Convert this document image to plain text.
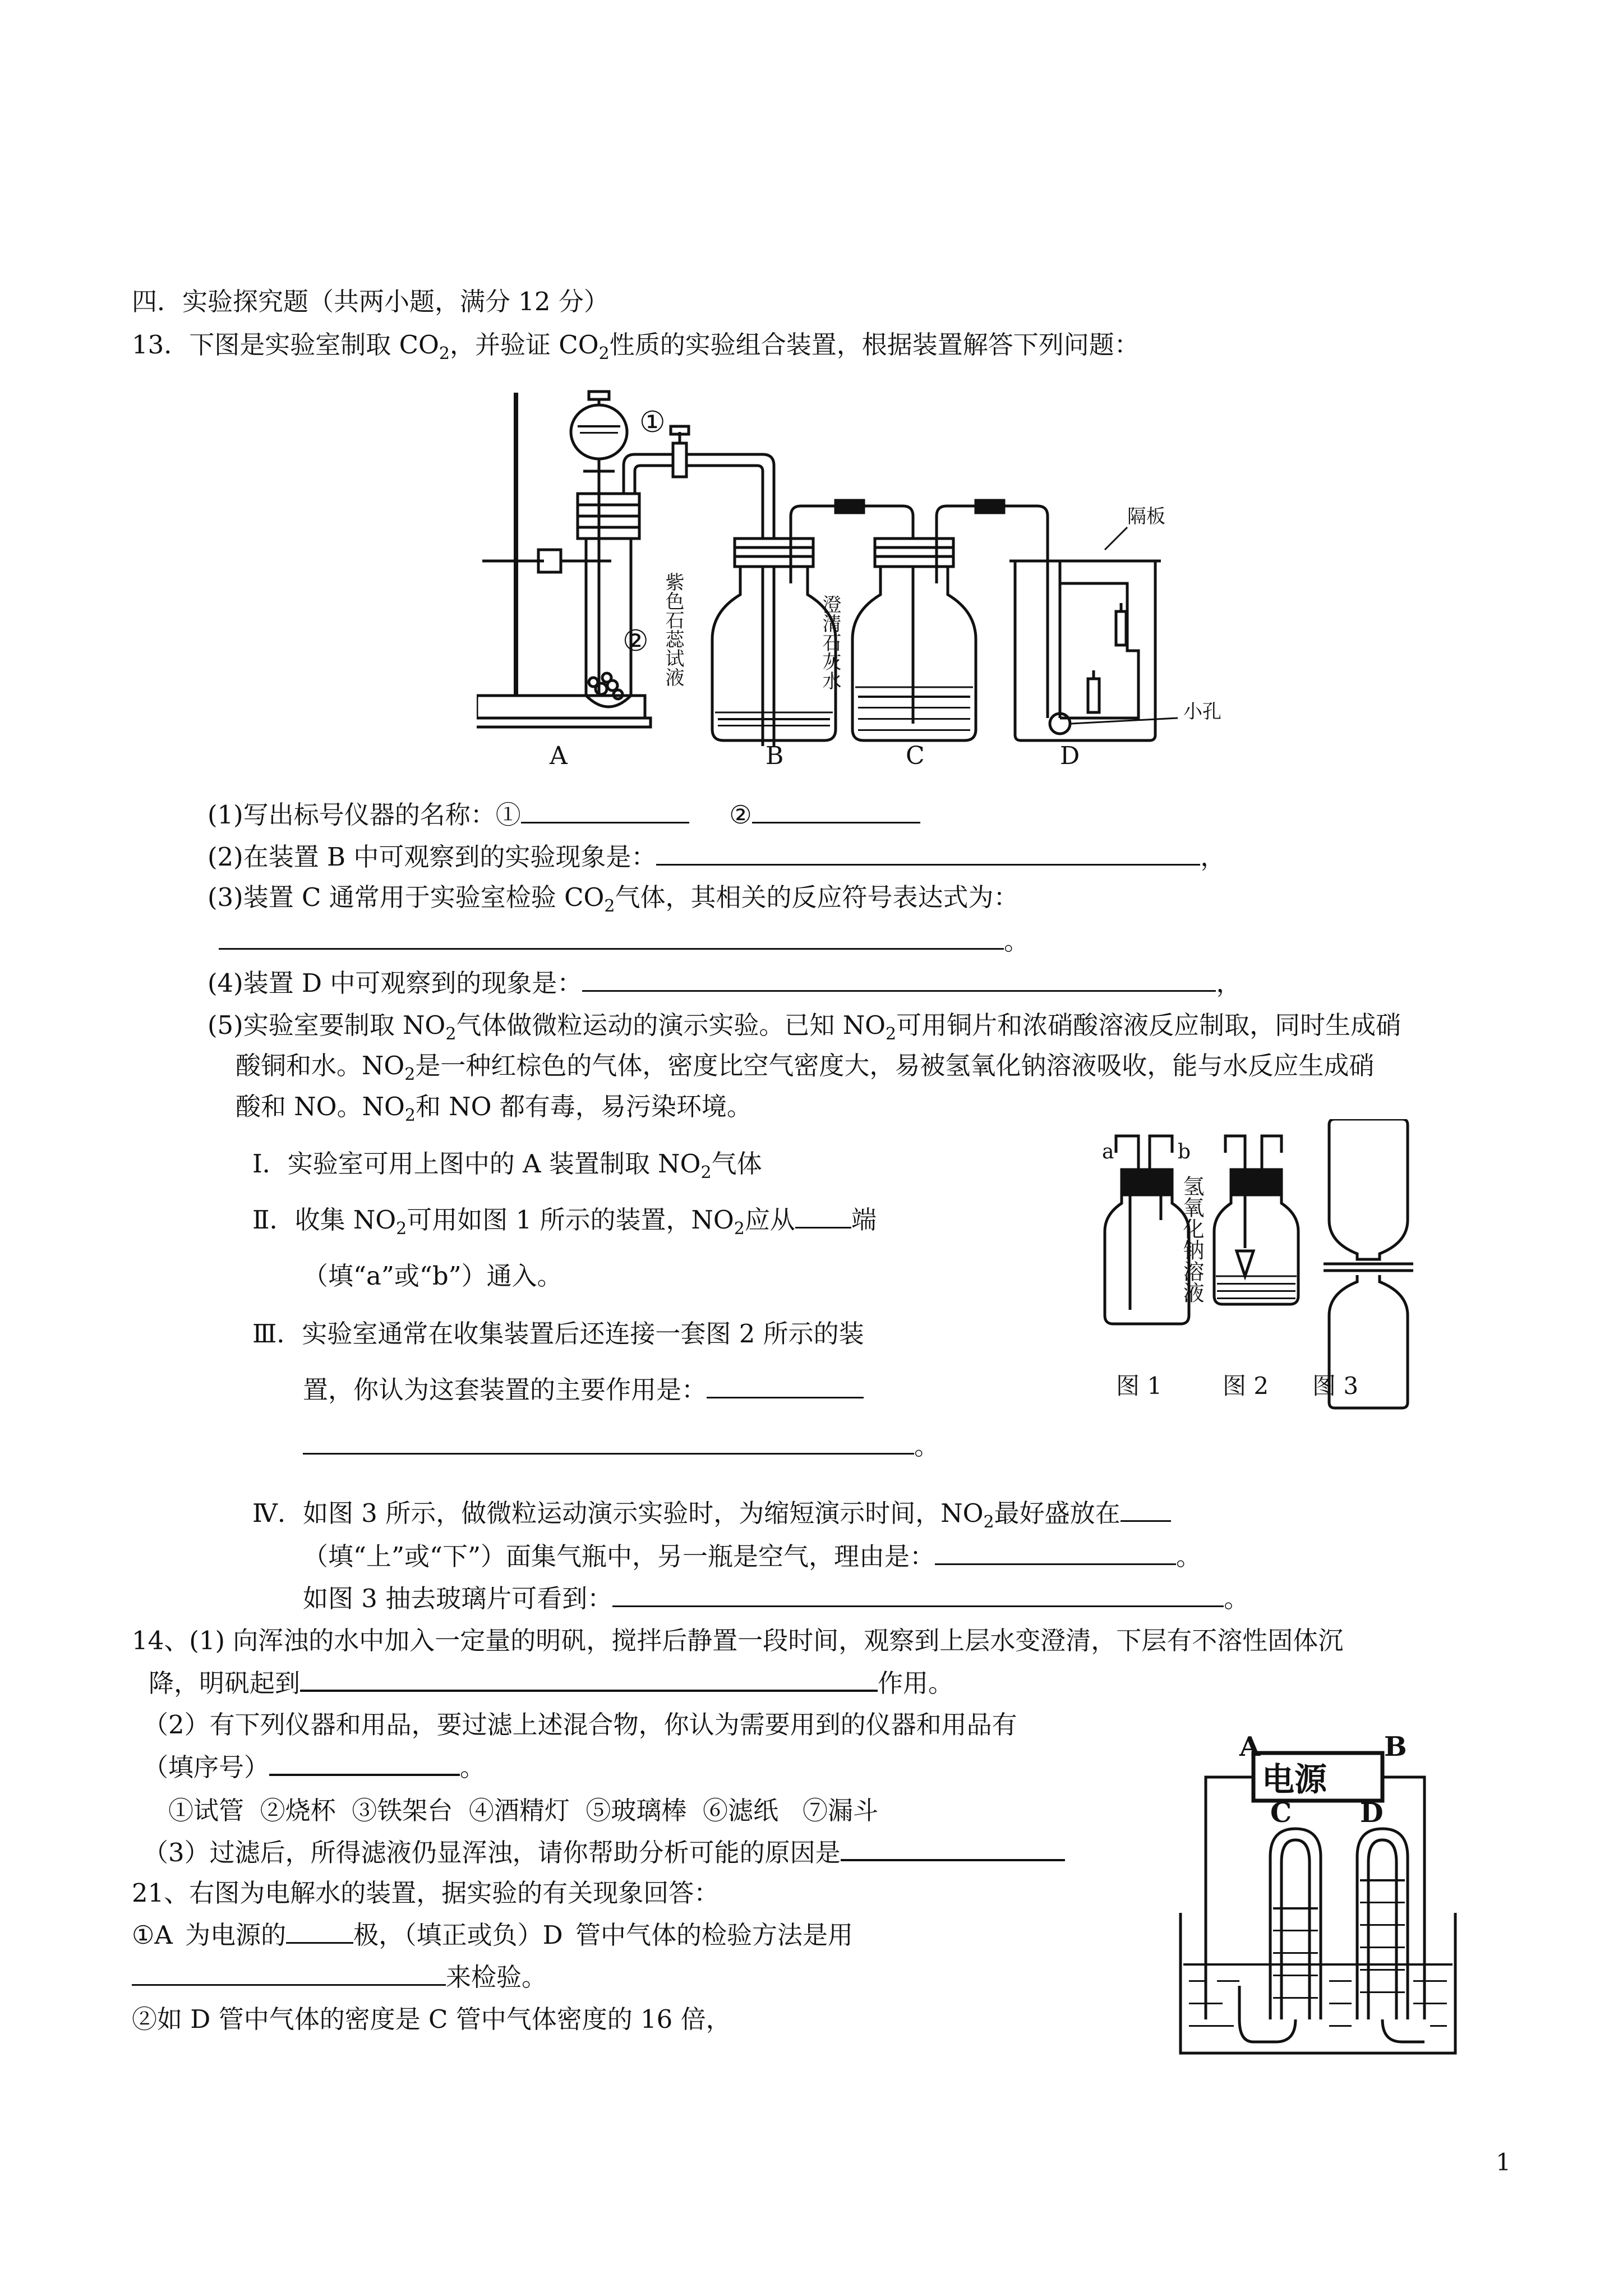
四．实验探究题（共两小题，满分 12 分）
13．下图是实验室制取 $CO_2$，并验证 $CO_2$性质的实验组合装置，根据装置解答下列问题：
①
② 紫色石蕊试液	澄清石灰水
隔板
小孔
A	B	C	D
(1)写出标号仪器的名称：①	②
(2)在装置 B 中可观察到的实验现象是：	，
(3)装置 C 通常用于实验室检验 $CO_2$气体，其相关的反应符号表达式为：
。
(4)装置 D 中可观察到的现象是：	，
(5)实验室要制取 $NO_2$气体做微粒运动的演示实验。已知 $NO_2$可用铜片和浓硝酸溶液反应制取，同时生成硝
酸铜和水。$NO_2$是一种红棕色的气体，密度比空气密度大，易被氢氧化钠溶液吸收，能与水反应生成硝
酸和 NO。$NO_2$和 NO 都有毒，易污染环境。
Ⅰ．实验室可用上图中的 A 装置制取 $NO_2$气体
Ⅱ．收集 $NO_2$可用如图 1 所示的装置，$NO_2$应从 端
（填“a”或“b”）通入。
Ⅲ．实验室通常在收集装置后还连接一套图 2 所示的装
置，你认为这套装置的主要作用是：
。
a	b
氢氧化钠溶液
图 1	图 2 图 3
Ⅳ．如图 3 所示，做微粒运动演示实验时，为缩短演示时间，$NO_2$最好盛放在
（填“上”或“下”）面集气瓶中，另一瓶是空气，理由是：	。
如图 3 抽去玻璃片可看到：	。
14、(1) 向浑浊的水中加入一定量的明矾，搅拌后静置一段时间，观察到上层水变澄清，下层有不溶性固体沉
降，明矾起到	作用。
（2）有下列仪器和用品，要过滤上述混合物，你认为需要用到的仪器和用品有
（填序号）	。
①试管  ②烧杯  ③铁架台  ④酒精灯  ⑤玻璃棒  ⑥滤纸   ⑦漏斗
（3）过滤后，所得滤液仍显浑浊，请你帮助分析可能的原因是
21、右图为电解水的装置，据实验的有关现象回答：
①A 为电源的	极，（填正或负）D 管中气体的检验方法是用
来检验。
②如 D 管中气体的密度是 C 管中气体密度的 16 倍，
电源
A	B
C	D
1
